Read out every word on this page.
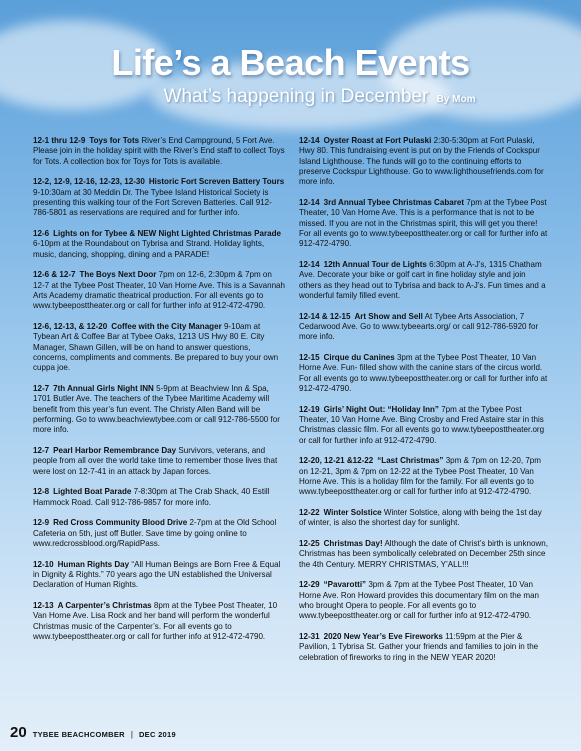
Life’s a Beach Events
What’s happening in December By Mom
12-1 thru 12-9 Toys for Tots River’s End Campground, 5 Fort Ave. Please join in the holiday spirit with the River’s End staff to collect Toys for Tots. A collection box for Toys for Tots is available.
12-2, 12-9, 12-16, 12-23, 12-30 Historic Fort Screven Battery Tours 9-10:30am at 30 Meddin Dr. The Tybee Island Historical Society is presenting this walking tour of the Fort Screven Batteries. Call 912-786-5801 as reservations are required and for further info.
12-6 Lights on for Tybee & NEW Night Lighted Christmas Parade 6-10pm at the Roundabout on Tybrisa and Strand. Holiday lights, music, dancing, shopping, dining and a PARADE!
12-6 & 12-7 The Boys Next Door 7pm on 12-6, 2:30pm & 7pm on 12-7 at the Tybee Post Theater, 10 Van Horne Ave. This is a Savannah Arts Academy dramatic theatrical production. For all events go to www.tybeeposttheater.org or call for further info at 912-472-4790.
12-6, 12-13, & 12-20 Coffee with the City Manager 9-10am at Tybean Art & Coffee Bar at Tybee Oaks, 1213 US Hwy 80 E. City Manager, Shawn Gillen, will be on hand to answer questions, concerns, compliments and comments. Be prepared to buy your own cuppa joe.
12-7 7th Annual Girls Night INN 5-9pm at Beachview Inn & Spa, 1701 Butler Ave. The teachers of the Tybee Maritime Academy will benefit from this year’s fun event. The Christy Allen Band will be performing. Go to www.beachviewtybee.com or call 912-786-5500 for more info.
12-7 Pearl Harbor Remembrance Day Survivors, veterans, and people from all over the world take time to remember those lives that were lost on 12-7-41 in an attack by Japan forces.
12-8 Lighted Boat Parade 7-8:30pm at The Crab Shack, 40 Estill Hammock Road. Call 912-786-9857 for more info.
12-9 Red Cross Community Blood Drive 2-7pm at the Old School Cafeteria on 5th, just off Butler. Save time by going online to www.redcrossblood.org/RapidPass.
12-10 Human Rights Day “All Human Beings are Born Free & Equal in Dignity & Rights.” 70 years ago the UN established the Universal Declaration of Human Rights.
12-13 A Carpenter’s Christmas 8pm at the Tybee Post Theater, 10 Van Horne Ave. Lisa Rock and her band will perform the wonderful Christmas music of the Carpenter’s. For all events go to www.tybeeposttheater.org or call for further info at 912-472-4790.
12-14 Oyster Roast at Fort Pulaski 2:30-5:30pm at Fort Pulaski, Hwy 80. This fundraising event is put on by the Friends of Cockspur Island Lighthouse. The funds will go to the continuing efforts to preserve Cockspur Lighthouse. Go to www.lighthousefriends.com for more info.
12-14 3rd Annual Tybee Christmas Cabaret 7pm at the Tybee Post Theater, 10 Van Horne Ave. This is a performance that is not to be missed. If you are not in the Christmas spirit, this will get you there! For all events go to www.tybeeposttheater.org or call for further info at 912-472-4790.
12-14 12th Annual Tour de Lights 6:30pm at A-J’s, 1315 Chatham Ave. Decorate your bike or golf cart in fine holiday style and join others as they head out to Tybrisa and back to A-J’s. Fun times and a wonderful family filled event.
12-14 & 12-15 Art Show and Sell At Tybee Arts Association, 7 Cedarwood Ave. Go to www.tybeearts.org/ or call 912-786-5920 for more info.
12-15 Cirque du Canines 3pm at the Tybee Post Theater, 10 Van Horne Ave. Fun- filled show with the canine stars of the circus world. For all events go to www.tybeeposttheater.org or call for further info at 912-472-4790.
12-19 Girls’ Night Out: “Holiday Inn” 7pm at the Tybee Post Theater, 10 Van Horne Ave. Bing Crosby and Fred Astaire star in this Christmas classic film. For all events go to www.tybeeposttheater.org or call for further info at 912-472-4790.
12-20, 12-21 &12-22 “Last Christmas” 3pm & 7pm on 12-20, 7pm on 12-21, 3pm & 7pm on 12-22 at the Tybee Post Theater, 10 Van Horne Ave. This is a holiday film for the family. For all events go to www.tybeeposttheater.org or call for further info at 912-472-4790.
12-22 Winter Solstice Winter Solstice, along with being the 1st day of winter, is also the shortest day for sunlight.
12-25 Christmas Day! Although the date of Christ’s birth is unknown, Christmas has been symbolically celebrated on December 25th since the 4th Century. MERRY CHRISTMAS, Y’ALL!!!
12-29 “Pavarotti” 3pm & 7pm at the Tybee Post Theater, 10 Van Horne Ave. Ron Howard provides this documentary film on the man who brought Opera to people. For all events go to www.tybeeposttheater.org or call for further info at 912-472-4790.
12-31 2020 New Year’s Eve Fireworks 11:59pm at the Pier & Pavilion, 1 Tybrisa St. Gather your friends and families to join in the celebration of fireworks to ring in the NEW YEAR 2020!
20 TYBEE BEACHCOMBER | DEC 2019
